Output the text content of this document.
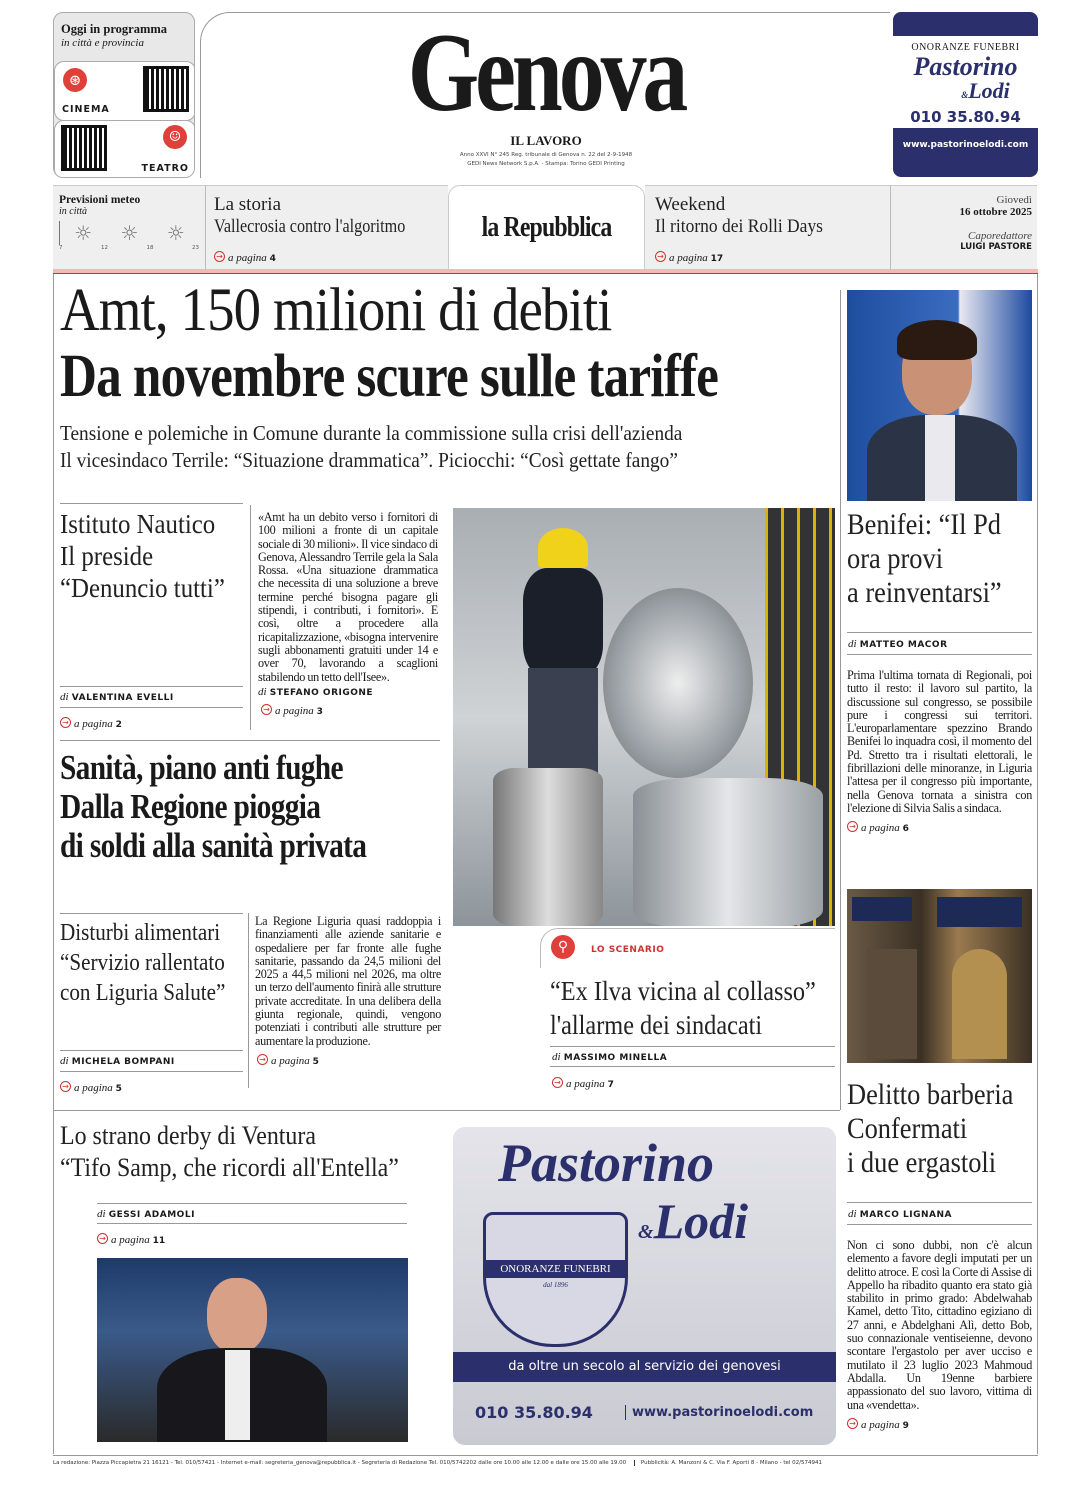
Oggi in programma
in città e provincia
⊛
CINEMA
☺
TEATRO
Genova
IL LAVORO
Anno XXVI N° 245 Reg. tribunale di Genova n. 22 del 2-9-1948
GEDI News Network S.p.A. - Stampa: Torino GEDI Printing
ONORANZE FUNEBRI
Pastorino
&Lodi
010 35.80.94
www.pastorinoelodi.com
Previsioni meteo
in città
☼ ☼ ☼
7	12	18	23
La storia
Vallecrosia contro l'algoritmo
→ a pagina 4
la Repubblica
Weekend
Il ritorno dei Rolli Days
→ a pagina 17
Giovedì
16 ottobre 2025
Caporedattore
LUIGI PASTORE
Amt, 150 milioni di debiti
Da novembre scure sulle tariffe
Tensione e polemiche in Comune durante la commissione sulla crisi dell'azienda
Il vicesindaco Terrile: “Situazione drammatica”. Piciocchi: “Così gettate fango”
Istituto Nautico
Il preside
“Denuncio tutti”
di VALENTINA EVELLI
→ a pagina 2
«Amt ha un debito verso i fornitori di 100 milioni a fronte di un capitale sociale di 30 milioni». Il vice sindaco di Genova, Alessandro Terrile gela la Sala Rossa. «Una situazione drammatica che necessita di una soluzione a breve termine perché bisogna pagare gli stipendi, i contributi, i fornitori». E così, oltre a procedere alla ricapitalizzazione, «bisogna intervenire sugli abbonamenti gratuiti under 14 e over 70, lavorando a scaglioni stabilendo un tetto dell'Isee».
di STEFANO ORIGONE
→ a pagina 3
Sanità, piano anti fughe
Dalla Regione pioggia
di soldi alla sanità privata
Disturbi alimentari
“Servizio rallentato
con Liguria Salute”
di MICHELA BOMPANI
→ a pagina 5
La Regione Liguria quasi raddoppia i finanziamenti alle aziende sanitarie e ospedaliere per far fronte alle fughe sanitarie, passando da 24,5 milioni del 2025 a 44,5 milioni nel 2026, ma oltre un terzo dell'aumento finirà alle strutture private accreditate. In una delibera della giunta regionale, quindi, vengono potenziati i contributi alle strutture per aumentare la produzione.
→ a pagina 5
⚲	LO SCENARIO
“Ex Ilva vicina al collasso”
l'allarme dei sindacati
di MASSIMO MINELLA
→ a pagina 7
Benifei: “Il Pd
ora provi
a reinventarsi”
di MATTEO MACOR
Prima l'ultima tornata di Regionali, poi tutto il resto: il lavoro sul partito, la discussione sul congresso, se possibile pure i congressi sui territori. L'europarlamentare spezzino Brando Benifei lo inquadra così, il momento del Pd. Stretto tra i risultati elettorali, le fibrillazioni delle minoranze, in Liguria l'attesa per il congresso più importante, nella Genova tornata a sinistra con l'elezione di Silvia Salis a sindaca.
→ a pagina 6
Delitto barberia
Confermati
i due ergastoli
di MARCO LIGNANA
Non ci sono dubbi, non c'è alcun elemento a favore degli imputati per un delitto atroce. E così la Corte di Assise di Appello ha ribadito quanto era stato già stabilito in primo grado: Abdelwahab Kamel, detto Tito, cittadino egiziano di 27 anni, e Abdelghani Alì, detto Bob, suo connazionale ventiseienne, devono scontare l'ergastolo per aver ucciso e mutilato il 23 luglio 2023 Mahmoud Abdalla. Un 19enne barbiere appassionato del suo lavoro, vittima di una «vendetta».
→ a pagina 9
Lo strano derby di Ventura
“Tifo Samp, che ricordi all'Entella”
di GESSI ADAMOLI
→ a pagina 11
Pastorino
&Lodi
ONORANZE FUNEBRI
dal 1896
da oltre un secolo al servizio dei genovesi
010 35.80.94	www.pastorinoelodi.com
La redazione: Piazza Piccapietra 21 16121 - Tel. 010/57421 - Internet e-mail: segreteria_genova@repubblica.it - Segreteria di Redazione Tel. 010/5742202 dalle ore 10.00 alle 12.00 e dalle ore 15.00 alle 19.00	Pubblicità: A. Manzoni & C. Via F. Aporti 8 - Milano - tel 02/574941
